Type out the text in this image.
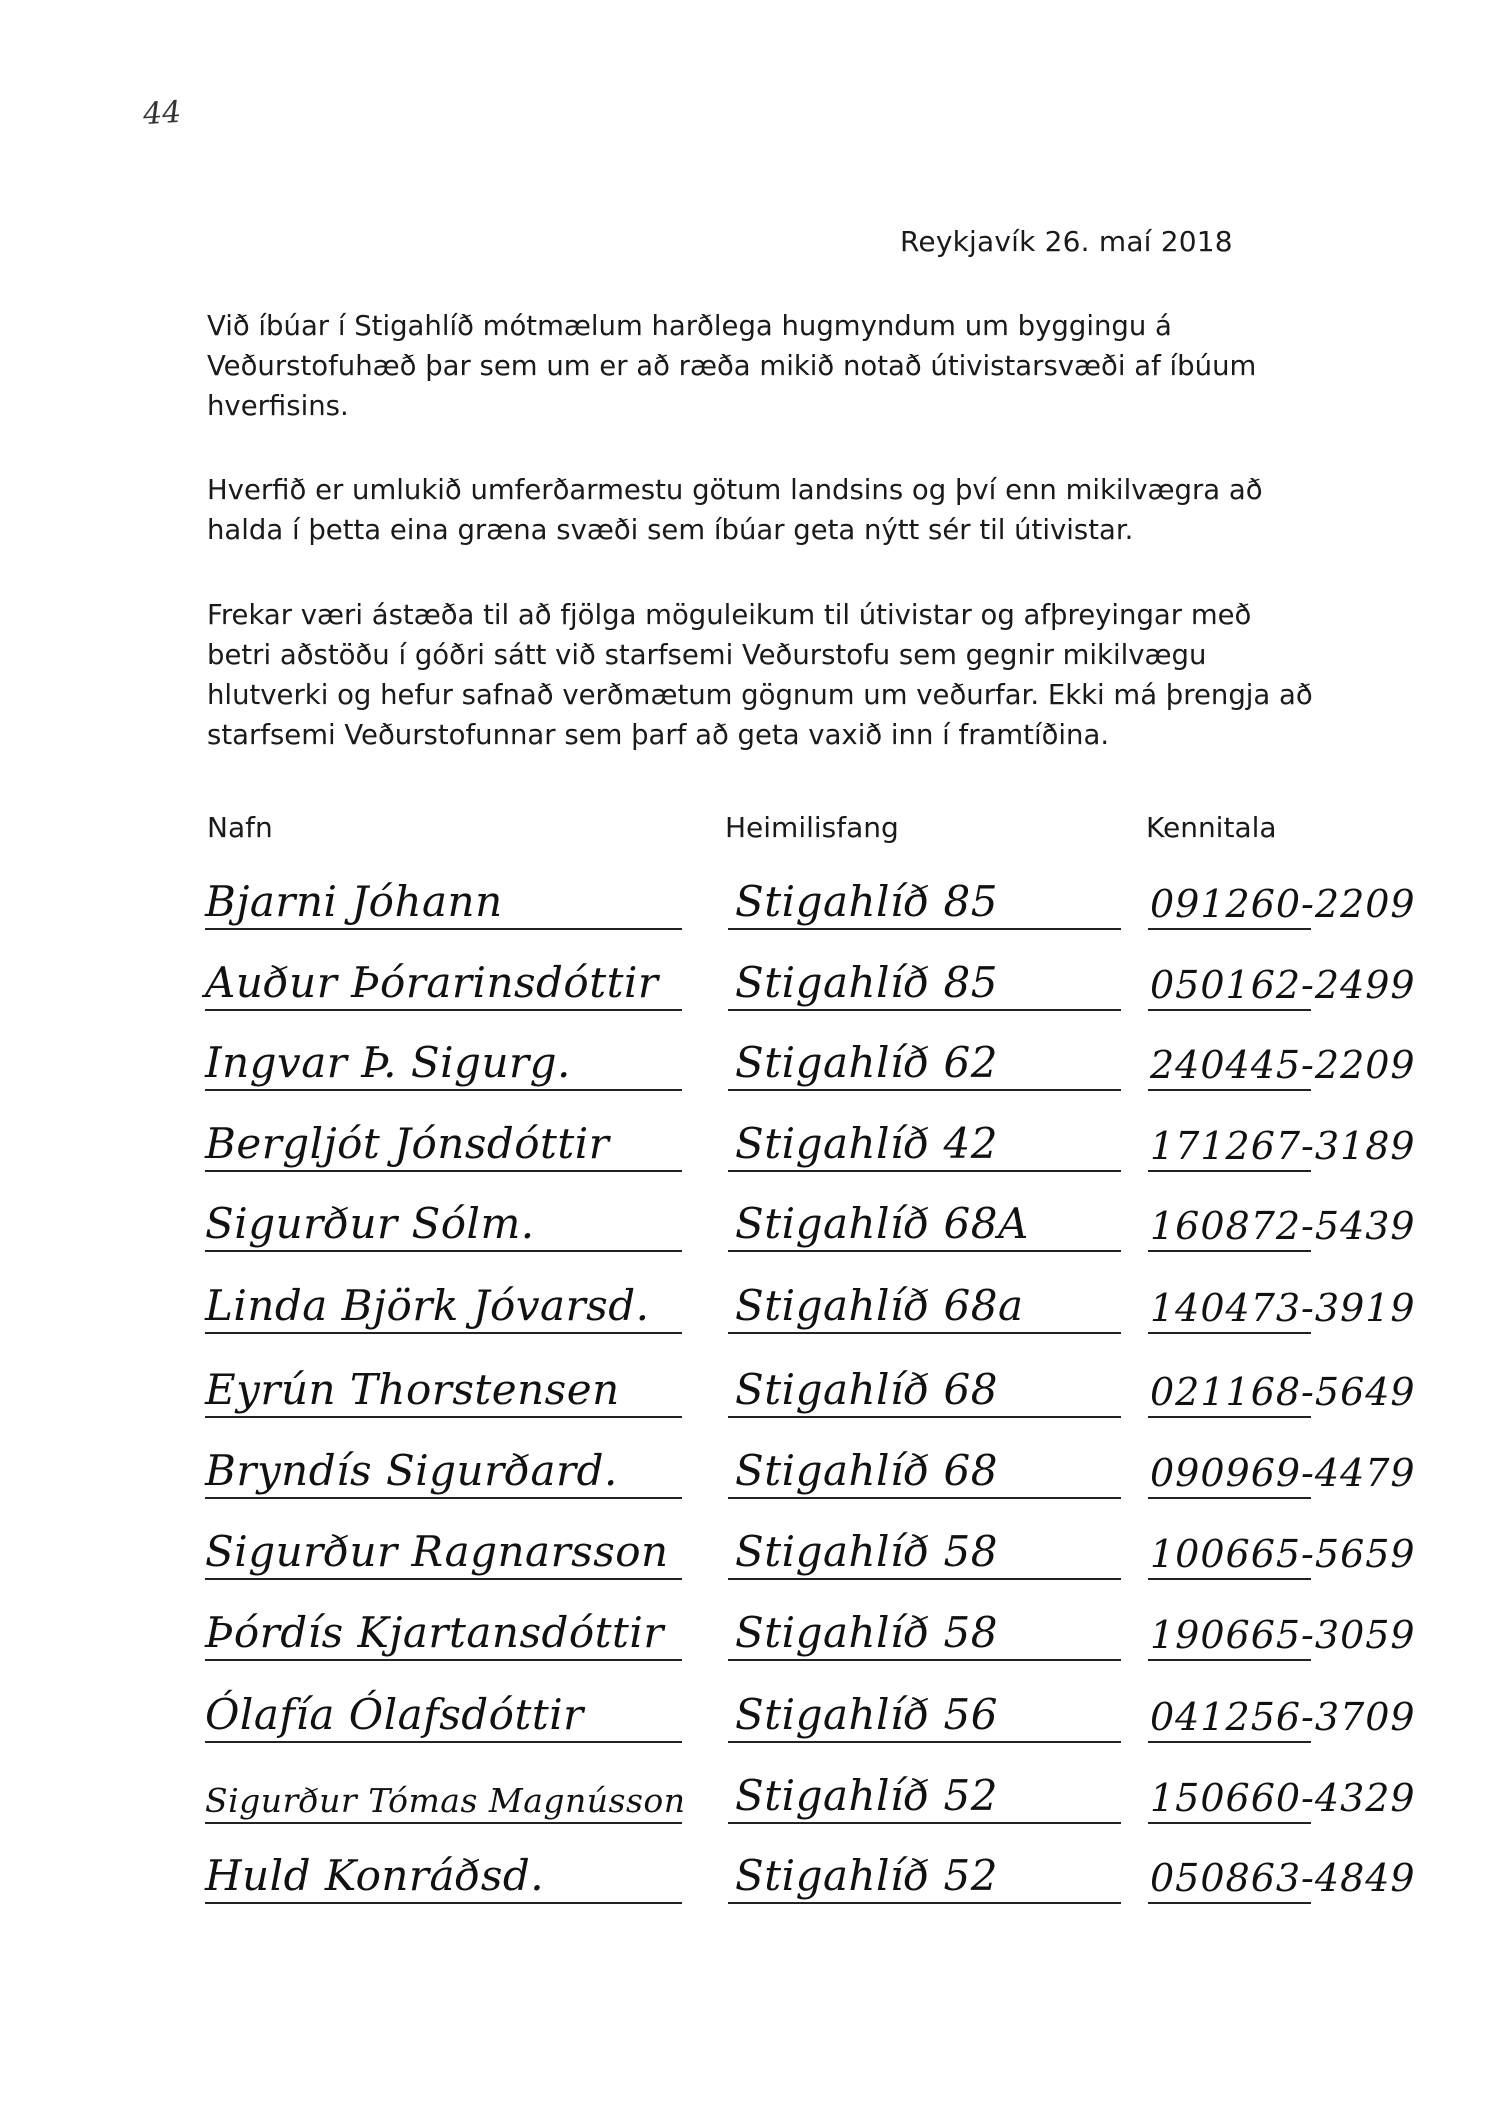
44
Reykjavík 26. maí 2018
Við íbúar í Stigahlíð mótmælum harðlega hugmyndum um byggingu á Veðurstofuhæð þar sem um er að ræða mikið notað útivistarsvæði af íbúum hverfisins.
Hverfið er umlukið umferðarmestu götum landsins og því enn mikilvægra að halda í þetta eina græna svæði sem íbúar geta nýtt sér til útivistar.
Frekar væri ástæða til að fjölga möguleikum til útivistar og afþreyingar með betri aðstöðu í góðri sátt við starfsemi Veðurstofu sem gegnir mikilvægu hlutverki og hefur safnað verðmætum gögnum um veðurfar. Ekki má þrengja að starfsemi Veðurstofunnar sem þarf að geta vaxið inn í framtíðina.
Nafn	Heimilisfang	Kennitala
Bjarni Jóhann	Stigahlíð 85	091260-2209
Auður Þórarinsdóttir Stigahlíð 85	050162-2499
Ingvar Þ. Sigurg.	Stigahlíð 62	240445-2209
Bergljót Jónsdóttir	Stigahlíð 42	171267-3189
Sigurður Sólm.	Stigahlíð 68A	160872-5439
Linda Björk Jóvarsd. Stigahlíð 68a	140473-3919
Eyrún Thorstensen	Stigahlíð 68	021168-5649
Bryndís Sigurðard.	Stigahlíð 68	090969-4479
Sigurður Ragnarsson Stigahlíð 58	100665-5659
Þórdís Kjartansdóttir Stigahlíð 58	190665-3059
Ólafía Ólafsdóttir	Stigahlíð 56	041256-3709
Sigurður Tómas Magnússon Stigahlíð 52	150660-4329
Huld Konráðsd.	Stigahlíð 52	050863-4849
